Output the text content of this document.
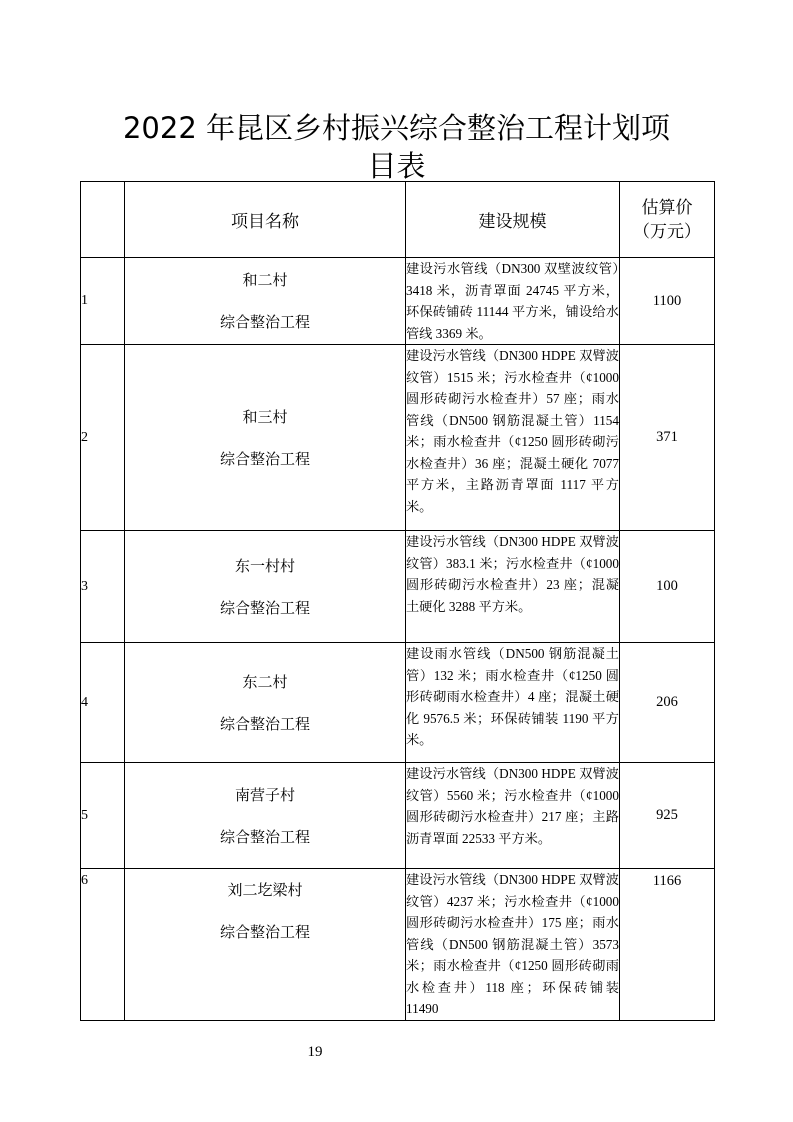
2022 年昆区乡村振兴综合整治工程计划项
目表
	项目名称	建设规模	估算价
（万元）

1	和二村
综合整治工程	建设污水管线（DN300 双壁波纹管）3418 米，沥青罩面 24745 平方米，环保砖铺砖 11144 平方米，铺设给水管线 3369 米。	1100
2	和三村
综合整治工程	建设污水管线（DN300 HDPE 双臂波纹管）1515 米；污水检查井（¢1000 圆形砖砌污水检查井）57 座；雨水管线（DN500 钢筋混凝土管）1154 米；雨水检查井（¢1250 圆形砖砌污水检查井）36 座；混凝土硬化 7077 平方米，主路沥青罩面 1117 平方米。	371
3	东一村村
综合整治工程	建设污水管线（DN300 HDPE 双臂波纹管）383.1 米；污水检查井（¢1000 圆形砖砌污水检查井）23 座；混凝土硬化 3288 平方米。	100
4	东二村
综合整治工程	建设雨水管线（DN500 钢筋混凝土管）132 米；雨水检查井（¢1250 圆形砖砌雨水检查井）4 座；混凝土硬化 9576.5 米；环保砖铺装 1190 平方米。	206
5	南营子村
综合整治工程	建设污水管线（DN300 HDPE 双臂波纹管）5560 米；污水检查井（¢1000 圆形砖砌污水检查井）217 座；主路沥青罩面 22533 平方米。	925
6	刘二圪梁村
综合整治工程	建设污水管线（DN300 HDPE 双臂波纹管）4237 米；污水检查井（¢1000 圆形砖砌污水检查井）175 座；雨水管线（DN500 钢筋混凝土管）3573 米；雨水检查井（¢1250 圆形砖砌雨水检查井）118 座；环保砖铺装 11490	1166
19
